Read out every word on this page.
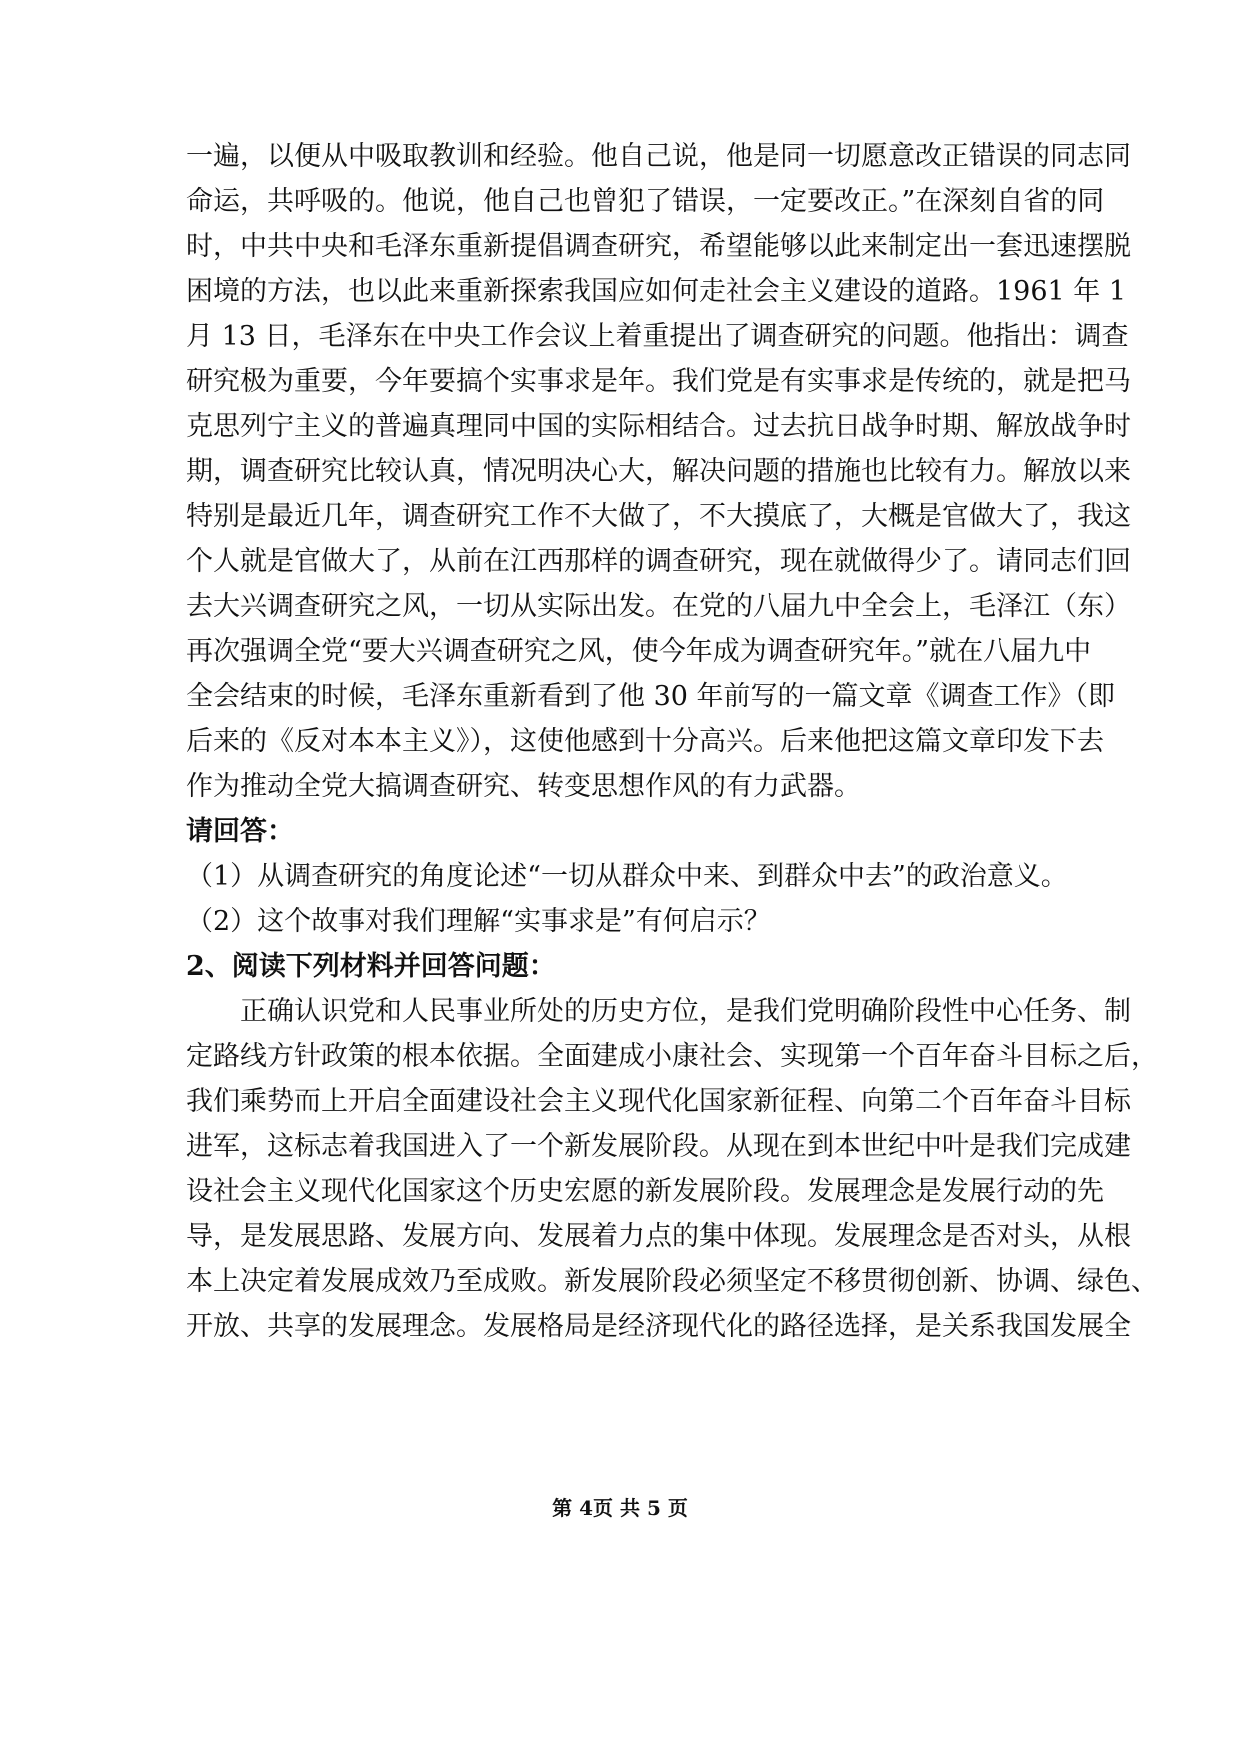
一遍，以便从中吸取教训和经验。他自己说，他是同一切愿意改正错误的同志同
命运，共呼吸的。他说，他自己也曾犯了错误，一定要改正。”在深刻自省的同
时，中共中央和毛泽东重新提倡调查研究，希望能够以此来制定出一套迅速摆脱
困境的方法，也以此来重新探索我国应如何走社会主义建设的道路。1961 年 1
月 13 日，毛泽东在中央工作会议上着重提出了调查研究的问题。他指出：调查
研究极为重要，今年要搞个实事求是年。我们党是有实事求是传统的，就是把马
克思列宁主义的普遍真理同中国的实际相结合。过去抗日战争时期、解放战争时
期，调查研究比较认真，情况明决心大，解决问题的措施也比较有力。解放以来
特别是最近几年，调查研究工作不大做了，不大摸底了，大概是官做大了，我这
个人就是官做大了，从前在江西那样的调查研究，现在就做得少了。请同志们回
去大兴调查研究之风，一切从实际出发。在党的八届九中全会上，毛泽江（东）
再次强调全党“要大兴调查研究之风，使今年成为调查研究年。”就在八届九中
全会结束的时候，毛泽东重新看到了他 30 年前写的一篇文章《调查工作》（即
后来的《反对本本主义》），这使他感到十分高兴。后来他把这篇文章印发下去
作为推动全党大搞调查研究、转变思想作风的有力武器。
请回答：
（1）从调查研究的角度论述“一切从群众中来、到群众中去”的政治意义。
（2）这个故事对我们理解“实事求是”有何启示？
2、阅读下列材料并回答问题：
正确认识党和人民事业所处的历史方位，是我们党明确阶段性中心任务、制
定路线方针政策的根本依据。全面建成小康社会、实现第一个百年奋斗目标之后，
我们乘势而上开启全面建设社会主义现代化国家新征程、向第二个百年奋斗目标
进军，这标志着我国进入了一个新发展阶段。从现在到本世纪中叶是我们完成建
设社会主义现代化国家这个历史宏愿的新发展阶段。发展理念是发展行动的先
导，是发展思路、发展方向、发展着力点的集中体现。发展理念是否对头，从根
本上决定着发展成效乃至成败。新发展阶段必须坚定不移贯彻创新、协调、绿色、
开放、共享的发展理念。发展格局是经济现代化的路径选择，是关系我国发展全
第 4页 共 5 页
